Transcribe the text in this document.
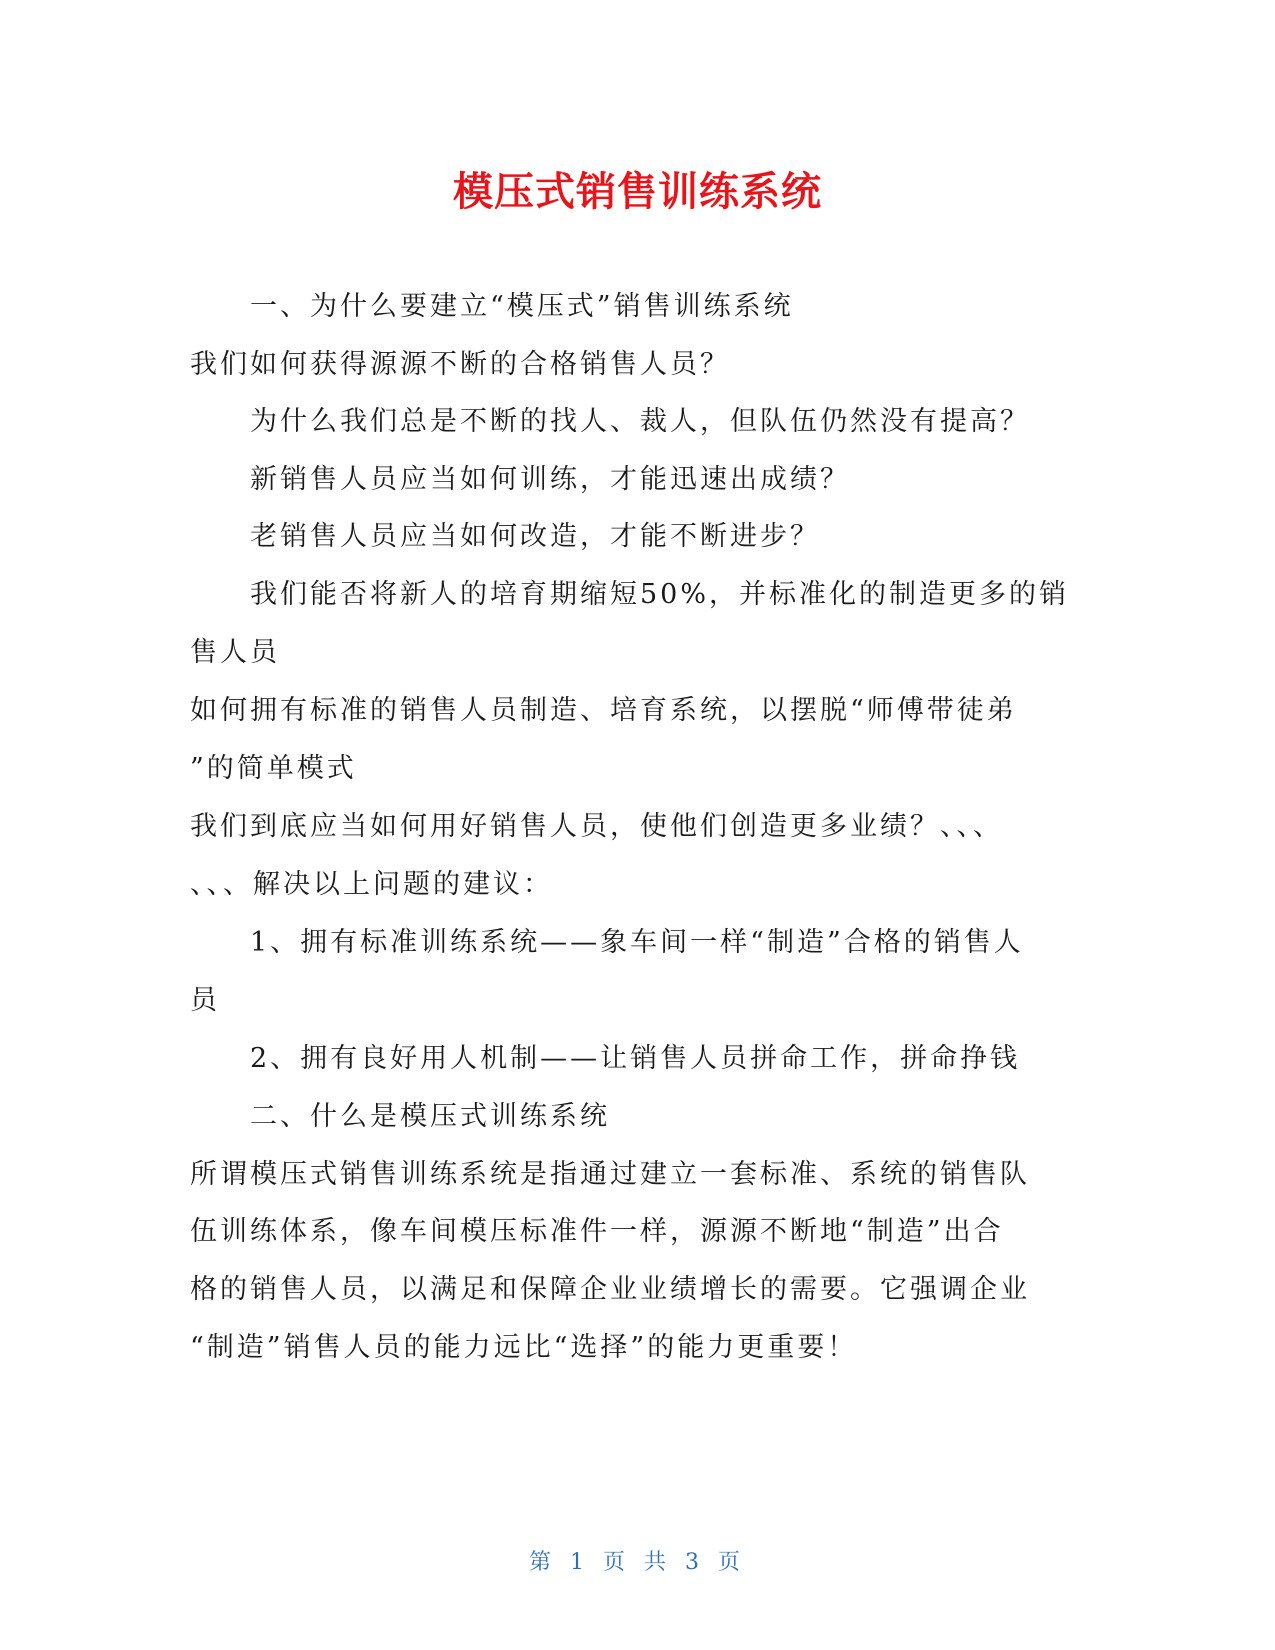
模压式销售训练系统
一、为什么要建立“模压式”销售训练系统
我们如何获得源源不断的合格销售人员？
为什么我们总是不断的找人、裁人，但队伍仍然没有提高？
新销售人员应当如何训练，才能迅速出成绩？
老销售人员应当如何改造，才能不断进步？
我们能否将新人的培育期缩短50%，并标准化的制造更多的销
售人员
如何拥有标准的销售人员制造、培育系统，以摆脱“师傅带徒弟
”的简单模式
我们到底应当如何用好销售人员，使他们创造更多业绩？、、、
、、、解决以上问题的建议：
1、拥有标准训练系统——象车间一样“制造”合格的销售人
员
2、拥有良好用人机制——让销售人员拼命工作，拼命挣钱
二、什么是模压式训练系统
所谓模压式销售训练系统是指通过建立一套标准、系统的销售队
伍训练体系，像车间模压标准件一样，源源不断地“制造”出合
格的销售人员，以满足和保障企业业绩增长的需要。它强调企业
“制造”销售人员的能力远比“选择”的能力更重要！
第 1 页 共 3 页
